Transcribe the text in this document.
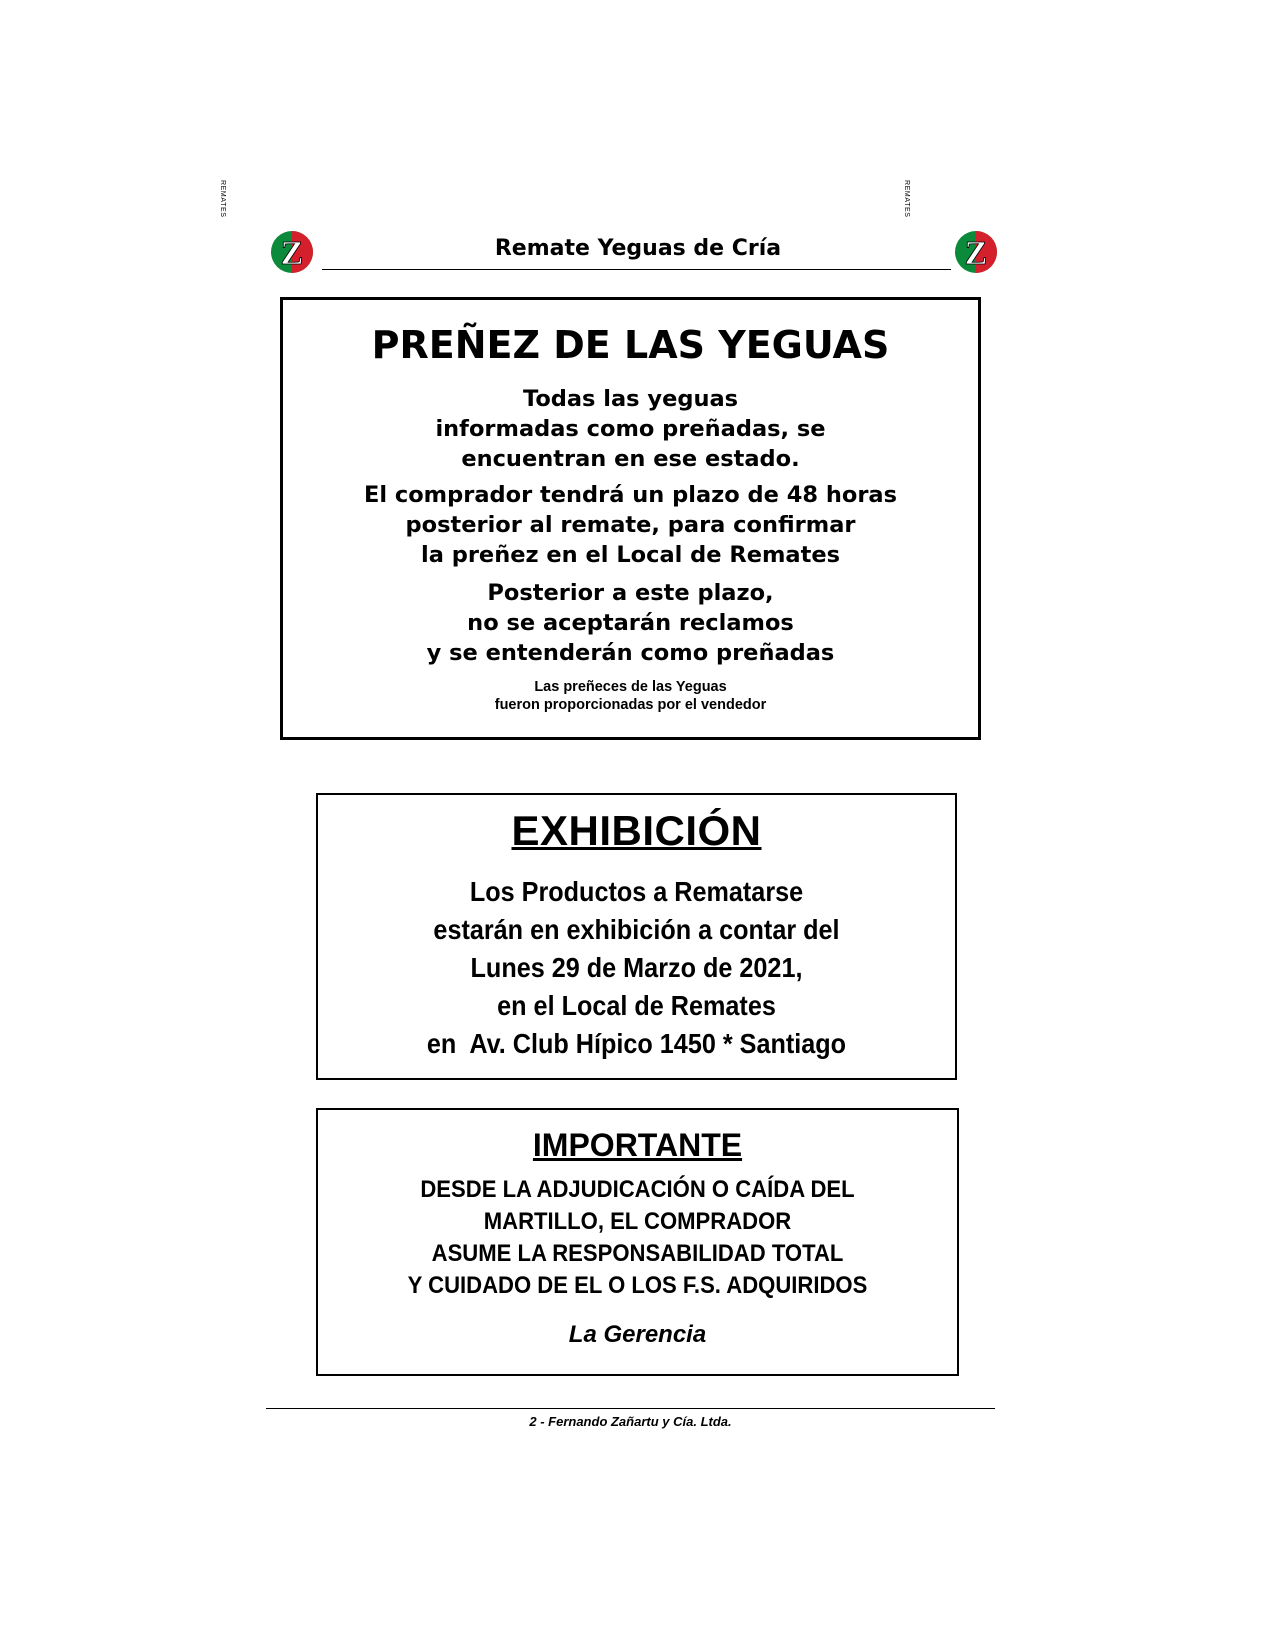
Z
REMATES
Remate Yeguas de Cría	Z
REMATES
PREÑEZ DE LAS YEGUAS

Todas las yeguas
informadas como preñadas, se
encuentran en ese estado.

El comprador tendrá un plazo de 48 horas
posterior al remate, para confirmar
la preñez en el Local de Remates

Posterior a este plazo,
no se aceptarán reclamos
y se entenderán como preñadas

Las preñeces de las Yeguas
fueron proporcionadas por el vendedor
EXHIBICIÓN
Los Productos a Rematarse
estarán en exhibición a contar del
Lunes 29 de Marzo de 2021,
en el Local de Remates
en  Av. Club Hípico 1450 * Santiago
IMPORTANTE
DESDE LA ADJUDICACIÓN O CAÍDA DEL
MARTILLO, EL COMPRADOR
ASUME LA RESPONSABILIDAD TOTAL
Y CUIDADO DE EL O LOS F.S. ADQUIRIDOS
La Gerencia
2 - Fernando Zañartu y Cía. Ltda.
